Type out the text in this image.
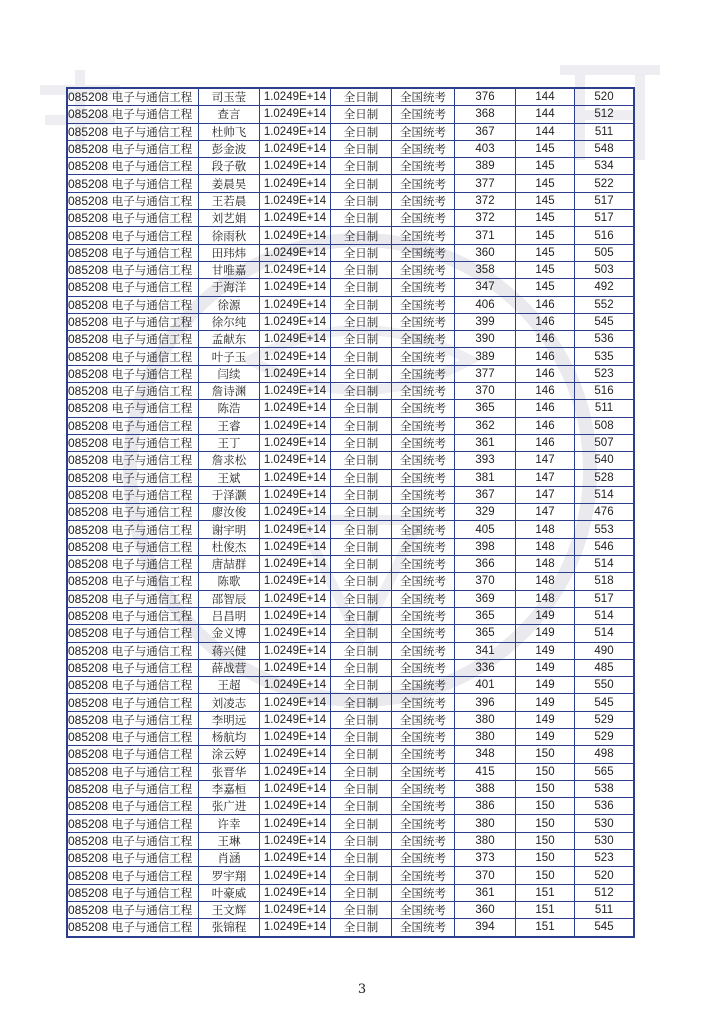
085208 电子与通信工程	司玉莹	1.0249E+14	全日制	全国统考	376	144	520
085208 电子与通信工程	查言	1.0249E+14	全日制	全国统考	368	144	512
085208 电子与通信工程	杜帅飞	1.0249E+14	全日制	全国统考	367	144	511
085208 电子与通信工程	彭金波	1.0249E+14	全日制	全国统考	403	145	548
085208 电子与通信工程	段子敬	1.0249E+14	全日制	全国统考	389	145	534
085208 电子与通信工程	姜晨昊	1.0249E+14	全日制	全国统考	377	145	522
085208 电子与通信工程	王若晨	1.0249E+14	全日制	全国统考	372	145	517
085208 电子与通信工程	刘艺娟	1.0249E+14	全日制	全国统考	372	145	517
085208 电子与通信工程	徐雨秋	1.0249E+14	全日制	全国统考	371	145	516
085208 电子与通信工程	田玮炜	1.0249E+14	全日制	全国统考	360	145	505
085208 电子与通信工程	甘唯嘉	1.0249E+14	全日制	全国统考	358	145	503
085208 电子与通信工程	于海洋	1.0249E+14	全日制	全国统考	347	145	492
085208 电子与通信工程	徐源	1.0249E+14	全日制	全国统考	406	146	552
085208 电子与通信工程	徐尔纯	1.0249E+14	全日制	全国统考	399	146	545
085208 电子与通信工程	孟献东	1.0249E+14	全日制	全国统考	390	146	536
085208 电子与通信工程	叶子玉	1.0249E+14	全日制	全国统考	389	146	535
085208 电子与通信工程	闫续	1.0249E+14	全日制	全国统考	377	146	523
085208 电子与通信工程	詹诗渊	1.0249E+14	全日制	全国统考	370	146	516
085208 电子与通信工程	陈浩	1.0249E+14	全日制	全国统考	365	146	511
085208 电子与通信工程	王睿	1.0249E+14	全日制	全国统考	362	146	508
085208 电子与通信工程	王丁	1.0249E+14	全日制	全国统考	361	146	507
085208 电子与通信工程	詹求松	1.0249E+14	全日制	全国统考	393	147	540
085208 电子与通信工程	王斌	1.0249E+14	全日制	全国统考	381	147	528
085208 电子与通信工程	于泽灏	1.0249E+14	全日制	全国统考	367	147	514
085208 电子与通信工程	廖汝俊	1.0249E+14	全日制	全国统考	329	147	476
085208 电子与通信工程	谢宇明	1.0249E+14	全日制	全国统考	405	148	553
085208 电子与通信工程	杜俊杰	1.0249E+14	全日制	全国统考	398	148	546
085208 电子与通信工程	唐喆群	1.0249E+14	全日制	全国统考	366	148	514
085208 电子与通信工程	陈歌	1.0249E+14	全日制	全国统考	370	148	518
085208 电子与通信工程	邵智辰	1.0249E+14	全日制	全国统考	369	148	517
085208 电子与通信工程	吕昌明	1.0249E+14	全日制	全国统考	365	149	514
085208 电子与通信工程	金义博	1.0249E+14	全日制	全国统考	365	149	514
085208 电子与通信工程	蒋兴健	1.0249E+14	全日制	全国统考	341	149	490
085208 电子与通信工程	薛战营	1.0249E+14	全日制	全国统考	336	149	485
085208 电子与通信工程	王超	1.0249E+14	全日制	全国统考	401	149	550
085208 电子与通信工程	刘凌志	1.0249E+14	全日制	全国统考	396	149	545
085208 电子与通信工程	李明远	1.0249E+14	全日制	全国统考	380	149	529
085208 电子与通信工程	杨航均	1.0249E+14	全日制	全国统考	380	149	529
085208 电子与通信工程	涂云婷	1.0249E+14	全日制	全国统考	348	150	498
085208 电子与通信工程	张晋华	1.0249E+14	全日制	全国统考	415	150	565
085208 电子与通信工程	李嘉桓	1.0249E+14	全日制	全国统考	388	150	538
085208 电子与通信工程	张广进	1.0249E+14	全日制	全国统考	386	150	536
085208 电子与通信工程	许幸	1.0249E+14	全日制	全国统考	380	150	530
085208 电子与通信工程	王琳	1.0249E+14	全日制	全国统考	380	150	530
085208 电子与通信工程	肖涵	1.0249E+14	全日制	全国统考	373	150	523
085208 电子与通信工程	罗宇翔	1.0249E+14	全日制	全国统考	370	150	520
085208 电子与通信工程	叶豪威	1.0249E+14	全日制	全国统考	361	151	512
085208 电子与通信工程	王文辉	1.0249E+14	全日制	全国统考	360	151	511
085208 电子与通信工程	张锦程	1.0249E+14	全日制	全国统考	394	151	545
3
